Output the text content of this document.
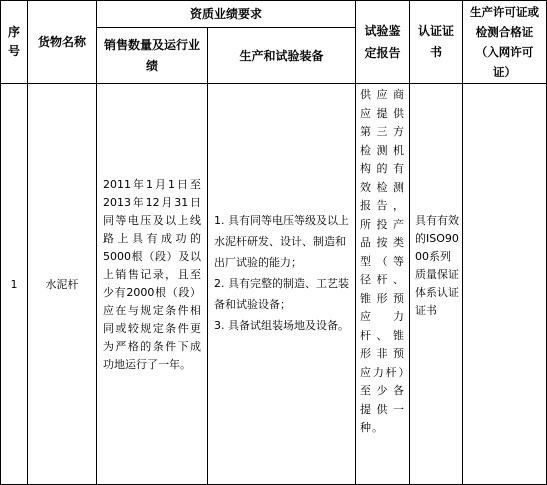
序号
货物名称
资质业绩要求
销售数量及运行业绩
生产和试验装备
试验鉴定报告
认证证书
生产许可证或检测合格证（入网许可证）
1	水泥杆
2011年1月1日至2013年12月31日同等电压及以上线路上具有成功的5000根（段）及以上销售记录，且至少有2000根（段）应在与规定条件相同或较规定条件更为严格的条件下成功地运行了一年。
1. 具有同等电压等级及以上水泥杆研发、设计、制造和出厂试验的能力；
2. 具有完整的制造、工艺装备和试验设备；
3. 具备试组装场地及设备。
供应商应提供第三方检测机构的有效检测报告，所投产品按类型（等径杆、锥形预应力杆、锥形非预应力杆）至少各提供一种。
具有有效的ISO9000系列质量保证体系认证证书
